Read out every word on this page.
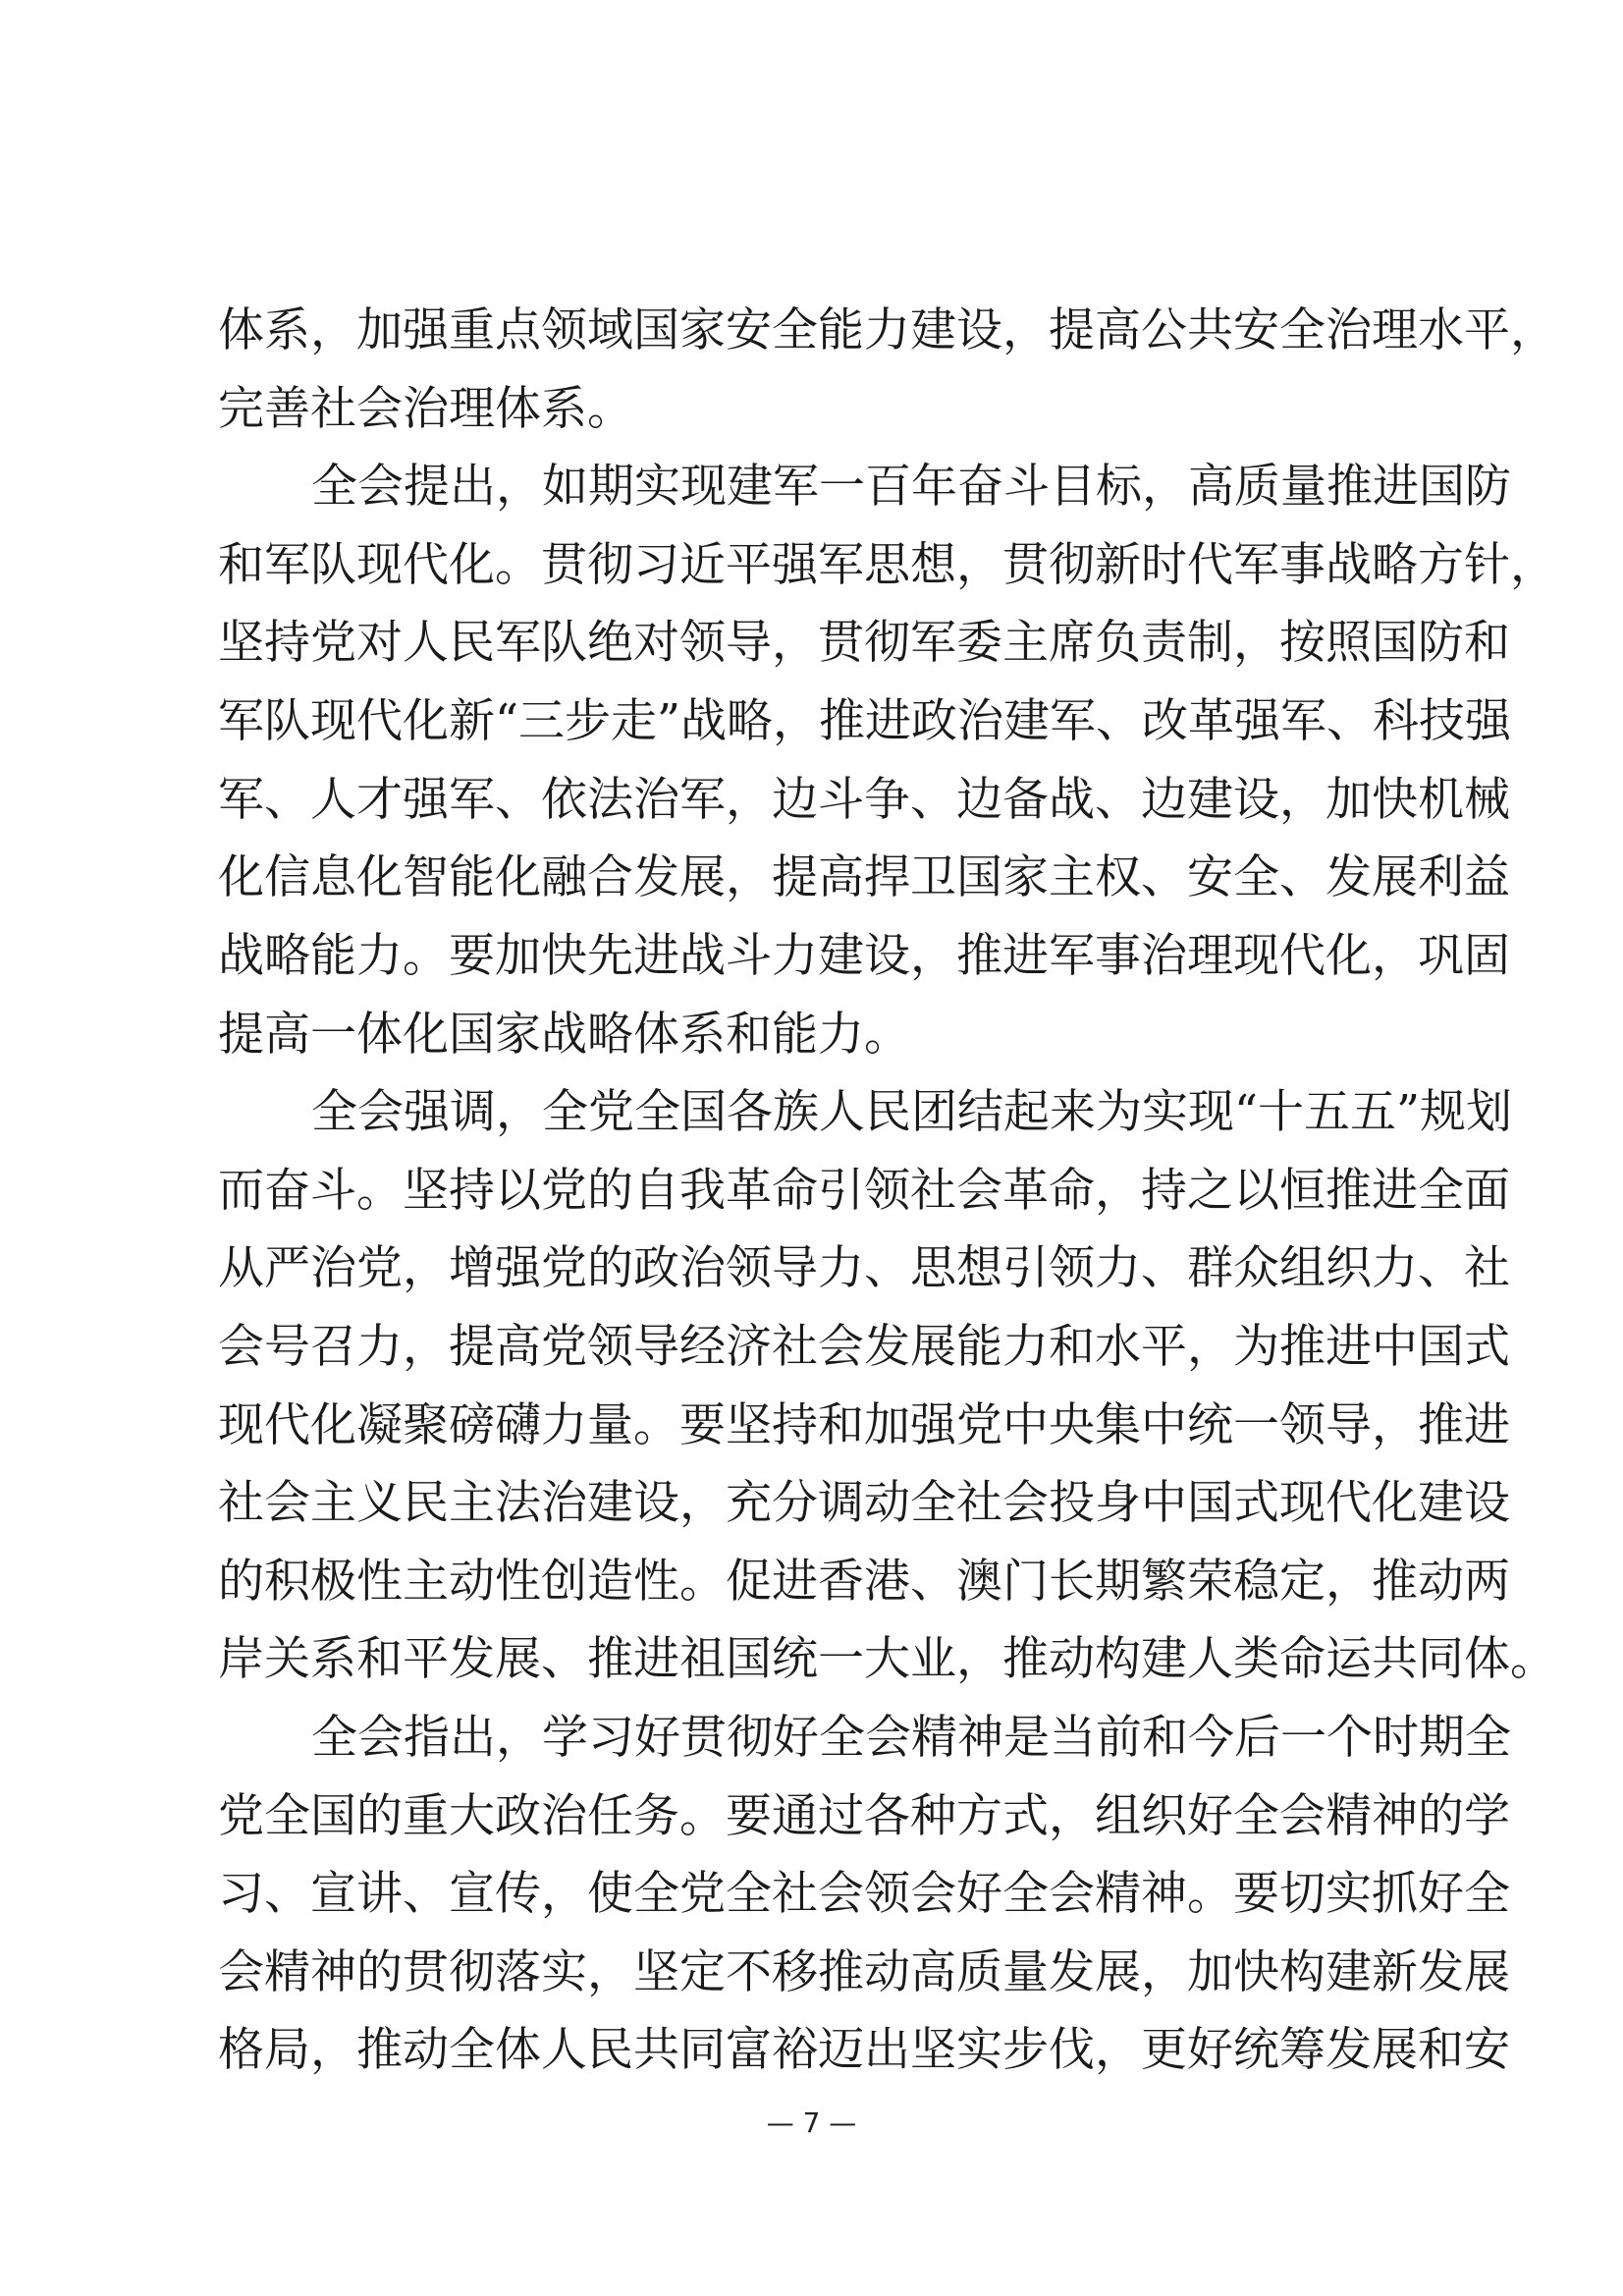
体系，加强重点领域国家安全能力建设，提高公共安全治理水平，
完善社会治理体系。
全会提出，如期实现建军一百年奋斗目标，高质量推进国防
和军队现代化。贯彻习近平强军思想，贯彻新时代军事战略方针，
坚持党对人民军队绝对领导，贯彻军委主席负责制，按照国防和
军队现代化新“三步走”战略，推进政治建军、改革强军、科技强
军、人才强军、依法治军，边斗争、边备战、边建设，加快机械
化信息化智能化融合发展，提高捍卫国家主权、安全、发展利益
战略能力。要加快先进战斗力建设，推进军事治理现代化，巩固
提高一体化国家战略体系和能力。
全会强调，全党全国各族人民团结起来为实现“十五五”规划
而奋斗。坚持以党的自我革命引领社会革命，持之以恒推进全面
从严治党，增强党的政治领导力、思想引领力、群众组织力、社
会号召力，提高党领导经济社会发展能力和水平，为推进中国式
现代化凝聚磅礴力量。要坚持和加强党中央集中统一领导，推进
社会主义民主法治建设，充分调动全社会投身中国式现代化建设
的积极性主动性创造性。促进香港、澳门长期繁荣稳定，推动两
岸关系和平发展、推进祖国统一大业，推动构建人类命运共同体。
全会指出，学习好贯彻好全会精神是当前和今后一个时期全
党全国的重大政治任务。要通过各种方式，组织好全会精神的学
习、宣讲、宣传，使全党全社会领会好全会精神。要切实抓好全
会精神的贯彻落实，坚定不移推动高质量发展，加快构建新发展
格局，推动全体人民共同富裕迈出坚实步伐，更好统筹发展和安
— 7 —
